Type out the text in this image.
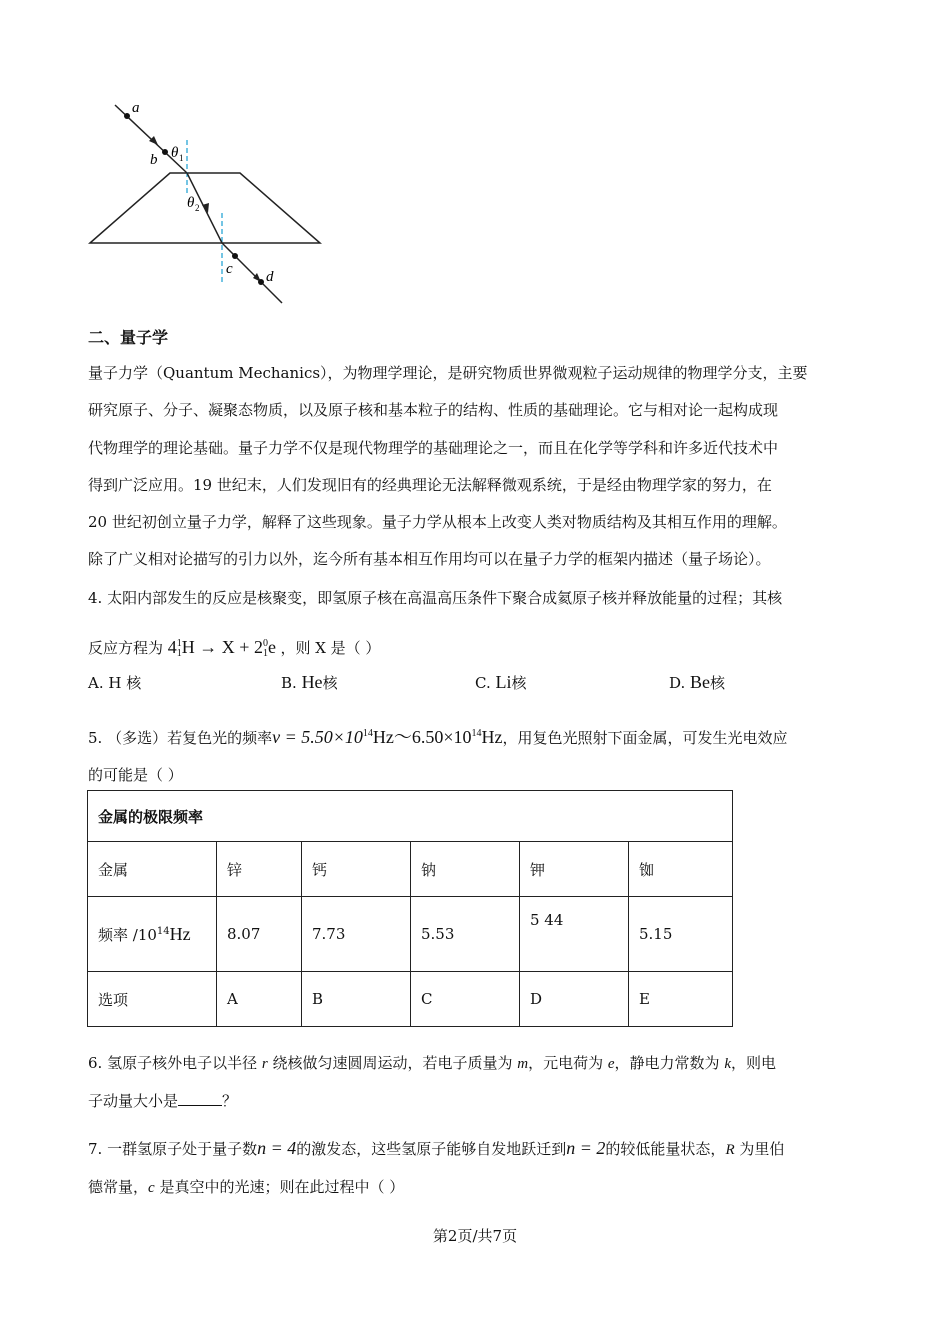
a
b
c d
θ 1
θ 2
二、量子学
量子力学（Quantum Mechanics），为物理学理论，是研究物质世界微观粒子运动规律的物理学分支，主要
研究原子、分子、凝聚态物质，以及原子核和基本粒子的结构、性质的基础理论。它与相对论一起构成现
代物理学的理论基础。量子力学不仅是现代物理学的基础理论之一，而且在化学等学科和许多近代技术中
得到广泛应用。19 世纪末，人们发现旧有的经典理论无法解释微观系统，于是经由物理学家的努力，在
20 世纪初创立量子力学，解释了这些现象。量子力学从根本上改变人类对物质结构及其相互作用的理解。
除了广义相对论描写的引力以外，迄今所有基本相互作用均可以在量子力学的框架内描述（量子场论）。
4. 太阳内部发生的反应是核聚变，即氢原子核在高温高压条件下聚合成氦原子核并释放能量的过程；其核
反应方程为 4 1
1 H → X + 2 0
1 e ，则 X 是（ ）
A. H 核	B. He核	C. Li核	D. Be核
5. （多选）若复色光的频率$\nu = 5.50\times 10^{14}Hz\sim 6.50\times 10^{14}Hz$，用复色光照射下面金属，可发生光电效应
的可能是（ ）
金属的极限频率					
金属	锌	钙	钠	钾	铷
频率 $/10^{14}Hz$	8.07	7.73	5.53	5 44	5.15
选项	A	B	C	D	E
6. 氢原子核外电子以半径 r 绕核做匀速圆周运动，若电子质量为 m，元电荷为 e，静电力常数为 k，则电
子动量大小是	？
7. 一群氢原子处于量子数n = 4的激发态，这些氢原子能够自发地跃迁到n = 2的较低能量状态，R 为里伯
德常量，c 是真空中的光速；则在此过程中（ ）
第2页/共7页
